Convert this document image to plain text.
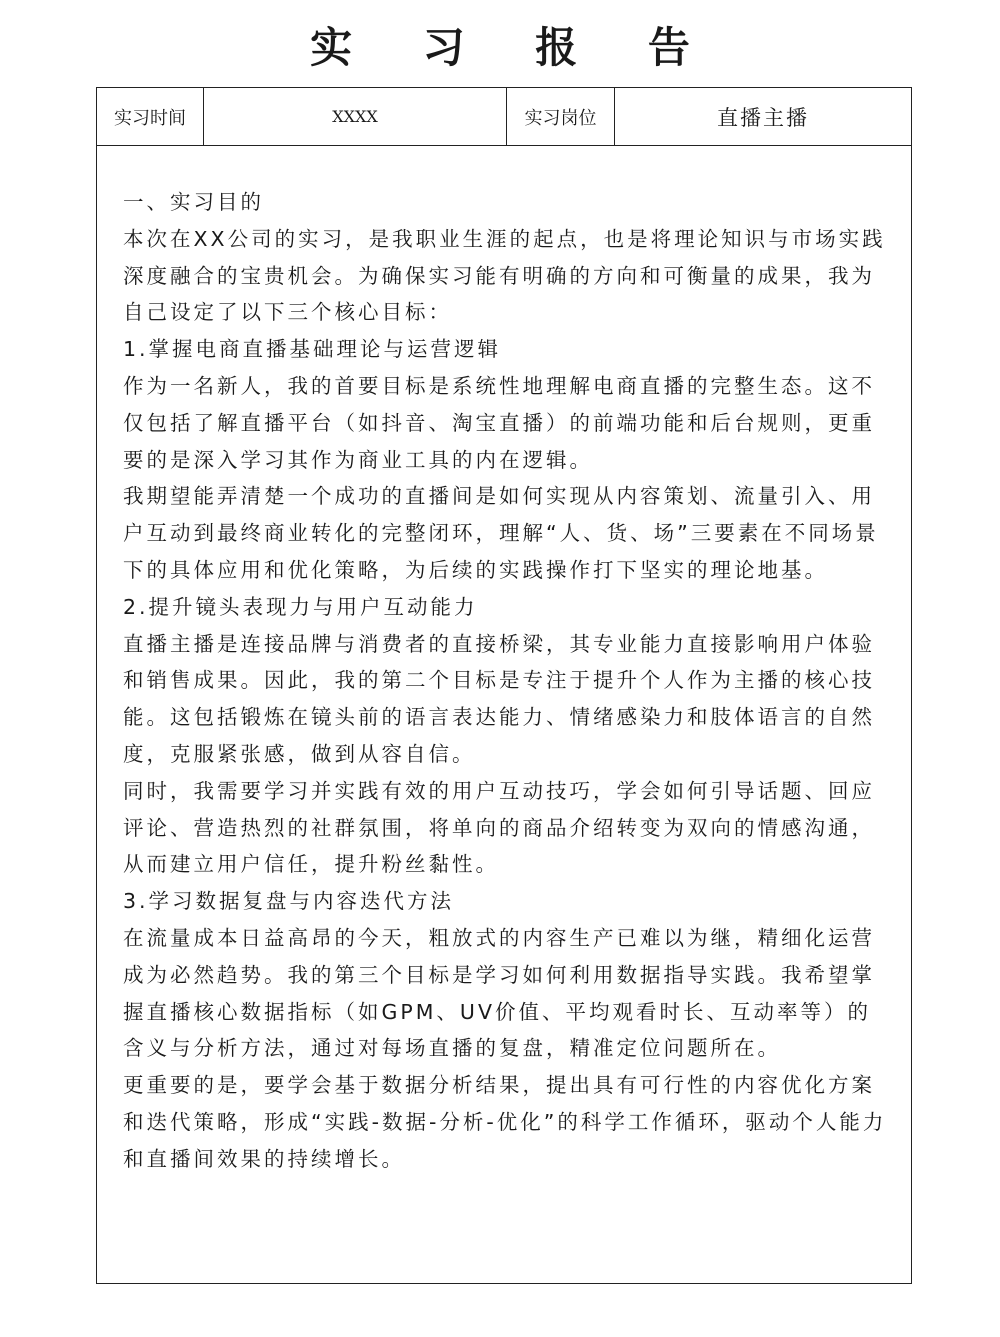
实 习 报 告
实习时间	XXXX	实习岗位	直播主播

一、实习目的

本次在XX公司的实习，是我职业生涯的起点，也是将理论知识与市场实践深度融合的宝贵机会。为确保实习能有明确的方向和可衡量的成果，我为自己设定了以下三个核心目标：

1.掌握电商直播基础理论与运营逻辑

作为一名新人，我的首要目标是系统性地理解电商直播的完整生态。这不仅包括了解直播平台（如抖音、淘宝直播）的前端功能和后台规则，更重要的是深入学习其作为商业工具的内在逻辑。

我期望能弄清楚一个成功的直播间是如何实现从内容策划、流量引入、用户互动到最终商业转化的完整闭环，理解“人、货、场”三要素在不同场景下的具体应用和优化策略，为后续的实践操作打下坚实的理论地基。

2.提升镜头表现力与用户互动能力

直播主播是连接品牌与消费者的直接桥梁，其专业能力直接影响用户体验和销售成果。因此，我的第二个目标是专注于提升个人作为主播的核心技能。这包括锻炼在镜头前的语言表达能力、情绪感染力和肢体语言的自然度，克服紧张感，做到从容自信。

同时，我需要学习并实践有效的用户互动技巧，学会如何引导话题、回应评论、营造热烈的社群氛围，将单向的商品介绍转变为双向的情感沟通，从而建立用户信任，提升粉丝黏性。

3.学习数据复盘与内容迭代方法

在流量成本日益高昂的今天，粗放式的内容生产已难以为继，精细化运营成为必然趋势。我的第三个目标是学习如何利用数据指导实践。我希望掌握直播核心数据指标（如GPM、UV价值、平均观看时长、互动率等）的含义与分析方法，通过对每场直播的复盘，精准定位问题所在。

更重要的是，要学会基于数据分析结果，提出具有可行性的内容优化方案和迭代策略，形成“实践-数据-分析-优化”的科学工作循环，驱动个人能力和直播间效果的持续增长。
